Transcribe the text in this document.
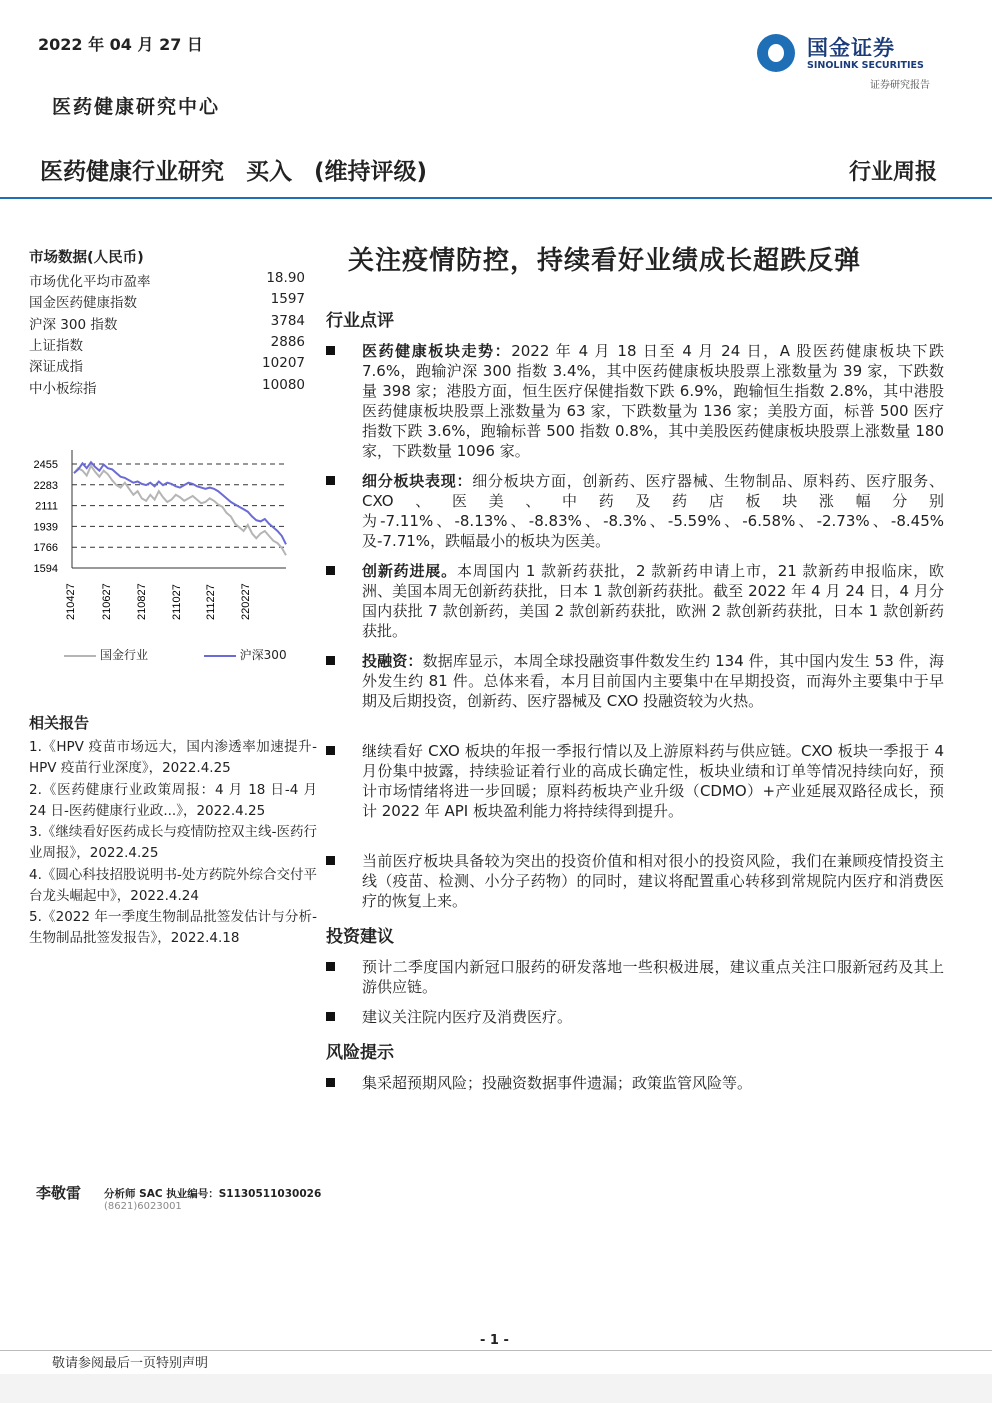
2022 年 04 月 27 日
医药健康研究中心
国金证券
SINOLINK SECURITIES
证券研究报告
医药健康行业研究 买入 (维持评级)	行业周报
关注疫情防控，持续看好业绩成长超跌反弹
市场数据(人民币)
市场优化平均市盈率	18.90
国金医药健康指数	1597
沪深 300 指数	3784
上证指数	2886
深证成指	10207
中小板综指	10080
2455
2283
2111
1939
1766
1594
210427 210627 210827 211027 211227 220227
国金行业	沪深300
相关报告
1.《HPV 疫苗市场远大，国内渗透率加速提升-HPV 疫苗行业深度》，2022.4.25
2.《医药健康行业政策周报：4 月 18 日-4 月 24 日-医药健康行业政...》，2022.4.25
3.《继续看好医药成长与疫情防控双主线-医药行业周报》，2022.4.25
4.《圆心科技招股说明书-处方药院外综合交付平台龙头崛起中》，2022.4.24
5.《2022 年一季度生物制品批签发估计与分析-生物制品批签发报告》，2022.4.18
行业点评
医药健康板块走势：2022 年 4 月 18 日至 4 月 24 日，A 股医药健康板块下跌 7.6%，跑输沪深 300 指数 3.4%，其中医药健康板块股票上涨数量为 39 家，下跌数量 398 家；港股方面，恒生医疗保健指数下跌 6.9%，跑输恒生指数 2.8%，其中港股医药健康板块股票上涨数量为 63 家，下跌数量为 136 家；美股方面，标普 500 医疗指数下跌 3.6%，跑输标普 500 指数 0.8%，其中美股医药健康板块股票上涨数量 180 家，下跌数量 1096 家。
细分板块表现：细分板块方面，创新药、医疗器械、生物制品、原料药、医疗服务、CXO、医美、中药及药店板块涨幅分别为-7.11%、-8.13%、-8.83%、-8.3%、-5.59%、-6.58%、-2.73%、-8.45%及-7.71%，跌幅最小的板块为医美。
创新药进展。本周国内 1 款新药获批，2 款新药申请上市，21 款新药申报临床，欧洲、美国本周无创新药获批，日本 1 款创新药获批。截至 2022 年 4 月 24 日，4 月分国内获批 7 款创新药，美国 2 款创新药获批，欧洲 2 款创新药获批，日本 1 款创新药获批。
投融资：数据库显示，本周全球投融资事件数发生约 134 件，其中国内发生 53 件，海外发生约 81 件。总体来看，本月目前国内主要集中在早期投资，而海外主要集中于早期及后期投资，创新药、医疗器械及 CXO 投融资较为火热。
继续看好 CXO 板块的年报一季报行情以及上游原料药与供应链。CXO 板块一季报于 4 月份集中披露，持续验证着行业的高成长确定性，板块业绩和订单等情况持续向好，预计市场情绪将进一步回暖；原料药板块产业升级（CDMO）+产业延展双路径成长，预计 2022 年 API 板块盈利能力将持续得到提升。
当前医疗板块具备较为突出的投资价值和相对很小的投资风险，我们在兼顾疫情投资主线（疫苗、检测、小分子药物）的同时，建议将配置重心转移到常规院内医疗和消费医疗的恢复上来。
投资建议
预计二季度国内新冠口服药的研发落地一些积极进展，建议重点关注口服新冠药及其上游供应链。
建议关注院内医疗及消费医疗。
风险提示
集采超预期风险；投融资数据事件遗漏；政策监管风险等。
李敬雷 分析师 SAC 执业编号：S1130511030026
(8621)6023001
- 1 -
敬请参阅最后一页特别声明
